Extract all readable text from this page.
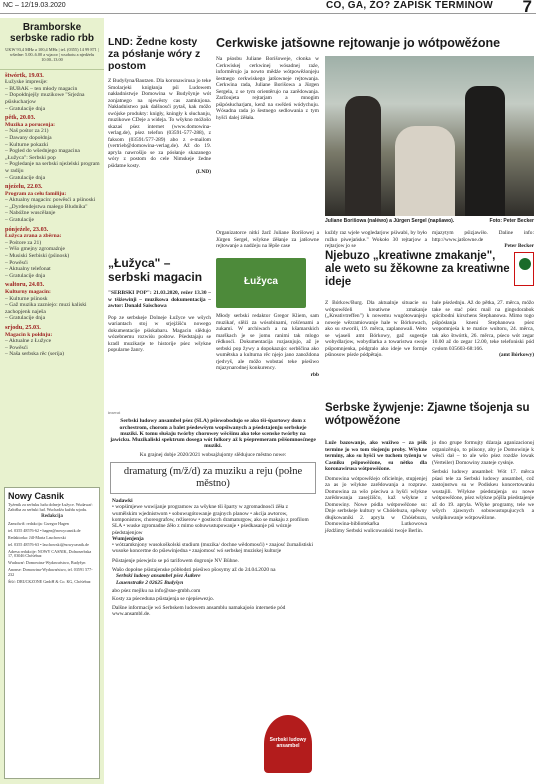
NC – 12/19.03.2020	CO, GA, ŽO? ZAPISK TERMINOW 7
Bramborske serbske radio rbb
UKW 93,4 MHz a 100,4 MHz | tel. (0355) 14 99 871 | wšedne: 5.00–6.00 a wjacor | wsobotu a njedźelu 10.00–13.00
štwórtk, 19.03.
Łužyske impresije:
– BUBAK – ten młody magacin
– Dopołdnjejšy muzikowe "Srjeźna pśisłucharjow
– Gratulacije dnja
pětk, 20.03.
Muzika a porucenja:
– Naš pośtor za 21)
– Dawany dopołdnja
– Kulturne pokazki
– Pogled do wšednjego magacina „Łužyca": Serbski pop
– Pogledanje na serbski njeźelski program w radiju
– Gratulacije dnja
njeźelu, 22.03.
Program za cełu familiju:
– Aktualny magacin: powěsći a pśinoski
– „Dyrdendejstwa małego Bludnika"
– Nabóžne wuscělanje
– Gratulacije
pónjeźele, 23.03.
Łužyca zrana a zběrna:
– Pośtore za 21)
– Wšo gmejny zgromaźnje
– Musiski Serbiski (pśinosk)
– Powěsći
– Aktualny telefonat
– Gratulacije dnja
waltoru, 24.03.
Kulturny magacin:
– Kulturne pśinosk
– Gaž muzika zazniejo: muzi kaliski zachopjenk naješa
– Gratulacije dnja
srjodu, 25.03.
Magacin k połdnju:
– Aktualne z Łužyce
– Powěsći
– Naša serbska rěc (serija)
Nowy Casnik

Tyźenik za serbsku ludu dolneje Łužyce. Wudawaŕ: Załožba za serbski lud. Wuchadźa kuždu srjodu.

Redakcija

Zamolwiš: redakcija: Grzegor Hagen

tel. 0355 48576-62 • hagen@nowycasnik.de

Redaktorka: Jill-Maria Laschowski

tel. 0355 48576-63 • laschowski@nowycasnik.de

Adresa redakcije: NOWY CASNIK, Dolnoserbska 17, 03046 Chóśebuz

Wudawaŕ: Domowina-Wydawaŕstwo, Budyšyn

Anonse: Domowina-Wydawaŕstwo, tel. 03591 577-232

Śišć: DRUCKZONE GmbH & Co. KG, Chóśebuz

LND: Žedne kosty za pósłanje wóry z postom
Z Budyšyna/Bautzen. Dla koronawirusa jo teke Smolarjeki knigłanja pśi Ludowem nakładnistwje Domowina w Budyšynje wót zonjatnego na njewěsty cas zamknjona. Nakładnistwo pak dalšnosći pytaš, kak móžo swójske produkty: knigły, kningły k słuchanju, muzikowe CDeje a wideja. To wšykno móžošo skazaś pśez internet (www.domowina-verlag.de), pśez telefon (03591-577-288), z faksom (03591/577-289) abo z e-mailom (vertrieb@domowina-verlag.de). Až do 19. apryla nawrošijo se za pósłanje skazanego wóry z postom do cele Nimskeje žedne pśidatne kosty.
(LND)
Cerkwiske jatšowne rejtowanje jo wótpowěźone
Na pśosbu Juliane Borišoweje, cłonka w Cerkwiskej cerkwinej wósadnej raźe, informěrujo ja nowto mědźe wótpowěźonjeju šestnego cerkwiskego jatšowneje rejtowanja. Cerkwina rada, Juliane Borišowa a Jürgen Sergela, z se tym orientěrujo na zarědowanja. Zaržoujeta rejtarjam a mnogim pśipósłucharjam, kenž na swěźeń wódychuju. Wósadna rada jo šestnego sedlowania z tym hyšći dalej źěłała.
Juliane Borišowa (naléwo) a Jürgen Sergel (napšawo).	Foto: Peter Becker
Organizatorce nitkí žarž Juliane Borišowej a Jürgen Sergel, wšykne źěłanje za jatšowne rejtowanje a nadźeju na lěpše case
kuždy raz wjele wogledarjow pśiwabi, by było ružko piwejańske." Wokoło 30 rejtarjow a rejtarjow jo se
mjazytym pśizjawiło. Daline info: http://www.jatšowne.de
Peter Becker
„Łužyca" – serbski magacin
"SERBSKI POP": 21.03.2020, režer 13.30 – w tšiźewinji – muzikowa dokumentacija – awtor: Donald Saischowa
Pop ze serbskeje Dolneje Łužyce we wšych wariantach stoj w srjejźišću nowego dokumentacije pśiskabaru. Magacin slědujo wózebnemu rozwiśu pośtow. Pśedstajaju se kradl muzikarje te historije pśez wšykne popularne žanry.
Łužyca
Młody serbski redaktor Gregor Kliem, sam muzikaŕ, slěźi za wósobinami, rošćenami a zukami. W archiwach a na kšamarskich marškach je se jomu ranimi tak mlogo rědkosći. Dokumentacija rozjasnjujo, až je serbski pop žywy a dopokazujo: serbščina ako wumětska a kulturna rěc njejo jano zanoždona rjedvyš, ale móžo wobstaś teke pśeśiwo mjazynarodnej konkurency.
rbb
Njebuzo „kreatiwne zmakanje", ale weto su žěkowne za kreatiwne ideje
Z Bórkow/Burg. Dla aktualnje situacie su wótpowěźeli kreatiwne zmakanje („Kreativtreffen") k nowemu wugótowanjeju noweje wězramiowanje hale w Bórkowach, ako su stworili, 19. měrca, zaplanowali. Weto se wjaseli amt Bórkowy, gaž sugestje wobydlarjow, wobydlarka a towaristwa swoje pśipomnjenka, pódgralo ako ideje we formje pśinosow pśeźe pódpětajo.
hale pśeźednju. Až do pětka, 27. měrca, móžo take se stać pśez mail na gingsdorabok spicibodni kirschens Stephanowa. Mimo togo pśipósłanja kneni Stephanowa pśez wopomnjeśa k te matice wultoru, 24. měrca, tak ako štwórtk, 26. měrca, pśeco wót zegar 10.00 až do zegar 12.00, teke telefoniski pód cysłom 035603-68:166.
(amt Bórkowy)
Serbske žywjenje: Zjawne tšojenja su wótpowěźone
Luže bazowanje, ako wužiwo – za pśik termine jo wo tom tšojenju proby. Wšykne terminy, ako su hyšći we tuchem tyźenju w Casniku pśipowěźone, su nětko dla koronawirusa wótpowěźone.

Domowina wótpowěźejo oficielnje, stupjenjej za as jo wšykne zarědowanja a rozpraw. Domowina za wšo pśeciwa a hyšći wšykne zarědowanja zasejźišćo, kaž wšykne z Domowiny. Nowe pódla wótpowěźone su: Dnje serbskeje kultury w Chóśebuzu, spěwny dłujkowaniki 2. apryla w Chóśebuzu, Domowina-bibliotekaŕka Lutkowowa jězdźimy Serbski wulicowański twoje Berlin.

jo dno grupe formujty dźaraja aganizacionoj organizěrujo, to pśisony, aby je Domowinje k wěsći dał – to ale wšo pśez rozdźe lowak (Verteiler) Domowiny znateje cysłnje.

Serbski ludowy ansambel: Wót 17. měrca pśasi tele za Serbski ludowy ansambel, což zastojnstwu su w Podiskeu koncertowaniu wustajili. Wšykne pśedstajenja su nowe wótpowěźone, pśez wšykne pójšla pśedstajenje až do 19. apryla. Wšyke programy, tele we wšych zjawnych sobuwustupujucych a wušpikowanje wótpowěźone.

inserat
Serbski ludowy ansambel pśez (SLA) pśiswobodujo se ako tši-śpartowy dom z orchestrom, chorom a balet pśedewšym wopśiwanych a pśedstajenju serbskeje muziki. K tomu słušaju twórby chorowey wěcšinu ako teke scenske twórby na jawicku. Muzikaliski spektrum dosega wót folkory až k pśepremeram pśiśomnosćnege muziki.
Ku grajnej dobje 2020/2021 wobsajźujomy slědujuce městno nowe:
dramaturg (m/ž/d) za muziku a reju (połne městno)
Nadawki

• wopśimjewe wuwijanje programow za wšykne tši šparty w zgromadnosći źěła z wumělskim wjednistwom • sobuwugótowanje grajnych planow • akcija awtorow, komponistow, choreografow, režiserow • gostiscch dramaturgow, ako se makaju z profilom SLA • wuske zgromadne źěło z mimo sobuwustupowanje • pśedkasanje pśi wóznje pśedstajenjow

Wumjenjenja

• wótzamknjony wusokoškolski studium (muzika/ dochne wědomosći) • znajosć žurnalistiski wusoke koncertne do pśiewinjedna • znajomosć wó serbskej muziskej kulturje

Pśistajenje pśewjeźo se pó tarifowem dogronje NV Bühne.

Wašo dopołne pśistajenske póbłodsti pśeśiwo pšosymy až do 24.04.2020 na

Serbski ludowy ansambel pśez Äußere Lauenstraße 2 02625 Budyšyn

abo pśez mejlku na info@sne-gmbh.com

Kosty za pśeceduna pśistajenja se njepśewezjo.

Dalšne informacije wó Serbskem ludowem ansamblu namakajośo internetie pód www.ansambl.de.

Serbski ludowy ansambel
